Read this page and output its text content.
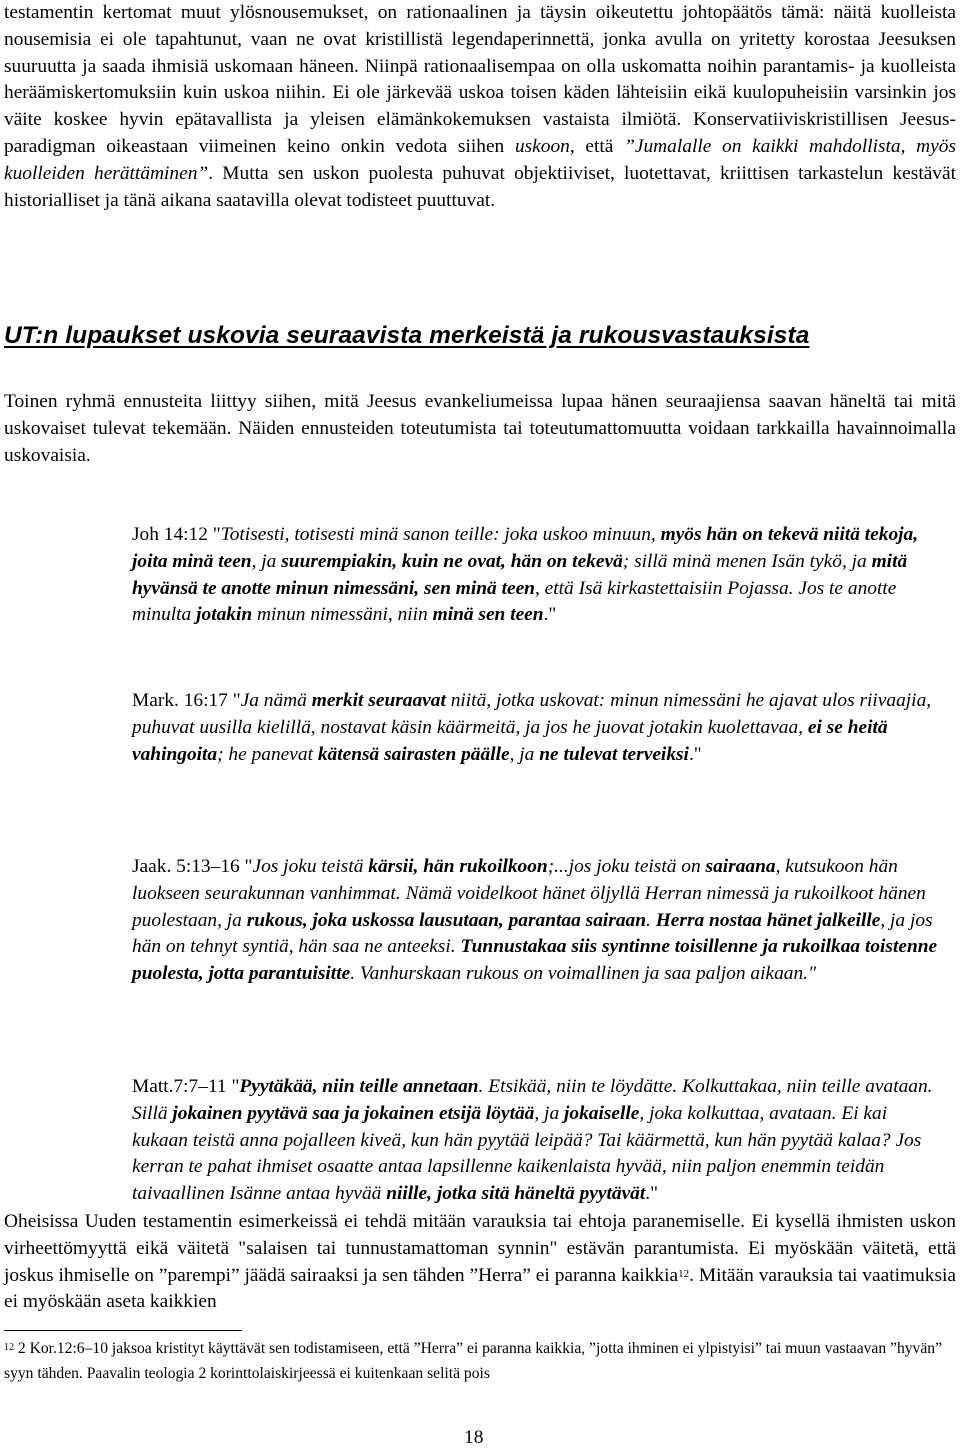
testamentin kertomat muut ylösnousemukset, on rationaalinen ja täysin oikeutettu johtopäätös tämä: näitä kuolleista nousemisia ei ole tapahtunut, vaan ne ovat kristillistä legendaperinnettä, jonka avulla on yritetty korostaa Jeesuksen suuruutta ja saada ihmisiä uskomaan häneen. Niinpä rationaalisempaa on olla uskomatta noihin parantamis- ja kuolleista heräämiskertomuksiin kuin uskoa niihin. Ei ole järkevää uskoa toisen käden lähteisiin eikä kuulopuheisiin varsinkin jos väite koskee hyvin epätavallista ja yleisen elämänkokemuksen vastaista ilmiötä. Konservatiiviskristillisen Jeesus-paradigman oikeastaan viimeinen keino onkin vedota siihen uskoon, että ”Jumalalle on kaikki mahdollista, myös kuolleiden herättäminen”. Mutta sen uskon puolesta puhuvat objektiiviset, luotettavat, kriittisen tarkastelun kestävät historialliset ja tänä aikana saatavilla olevat todisteet puuttuvat.

UT:n lupaukset uskovia seuraavista merkeistä ja rukousvastauksista

Toinen ryhmä ennusteita liittyy siihen, mitä Jeesus evankeliumeissa lupaa hänen seuraajiensa saavan häneltä tai mitä uskovaiset tulevat tekemään. Näiden ennusteiden toteutumista tai toteutumattomuutta voidaan tarkkailla havainnoimalla uskovaisia.

Joh 14:12 "Totisesti, totisesti minä sanon teille: joka uskoo minuun, myös hän on tekevä niitä tekoja, joita minä teen, ja suurempiakin, kuin ne ovat, hän on tekevä; sillä minä menen Isän tykö, ja mitä hyvänsä te anotte minun nimessäni, sen minä teen, että Isä kirkastettaisiin Pojassa. Jos te anotte minulta jotakin minun nimessäni, niin minä sen teen."

Mark. 16:17 "Ja nämä merkit seuraavat niitä, jotka uskovat: minun nimessäni he ajavat ulos riivaajia, puhuvat uusilla kielillä, nostavat käsin käärmeitä, ja jos he juovat jotakin kuolettavaa, ei se heitä vahingoita; he panevat kätensä sairasten päälle, ja ne tulevat terveiksi."

Jaak. 5:13–16 "Jos joku teistä kärsii, hän rukoilkoon;...jos joku teistä on sairaana, kutsukoon hän luokseen seurakunnan vanhimmat. Nämä voidelkoot hänet öljyllä Herran nimessä ja rukoilkoot hänen puolestaan, ja rukous, joka uskossa lausutaan, parantaa sairaan. Herra nostaa hänet jalkeille, ja jos hän on tehnyt syntiä, hän saa ne anteeksi. Tunnustakaa siis syntinne toisillenne ja rukoilkaa toistenne puolesta, jotta parantuisitte. Vanhurskaan rukous on voimallinen ja saa paljon aikaan."

Matt.7:7–11 "Pyytäkää, niin teille annetaan. Etsikää, niin te löydätte. Kolkuttakaa, niin teille avataan. Sillä jokainen pyytävä saa ja jokainen etsijä löytää, ja jokaiselle, joka kolkuttaa, avataan. Ei kai kukaan teistä anna pojalleen kiveä, kun hän pyytää leipää? Tai käärmettä, kun hän pyytää kalaa? Jos kerran te pahat ihmiset osaatte antaa lapsillenne kaikenlaista hyvää, niin paljon enemmin teidän taivaallinen Isänne antaa hyvää niille, jotka sitä häneltä pyytävät."

Oheisissa Uuden testamentin esimerkeissä ei tehdä mitään varauksia tai ehtoja paranemiselle. Ei kysellä ihmisten uskon virheettömyyttä eikä väitetä "salaisen tai tunnustamattoman synnin" estävän parantumista. Ei myöskään väitetä, että joskus ihmiselle on ”parempi” jäädä sairaaksi ja sen tähden ”Herra” ei paranna kaikkia$^{12}$. Mitään varauksia tai vaatimuksia ei myöskään aseta kaikkien

$^{12}$ 2 Kor.12:6–10 jaksoa kristityt käyttävät sen todistamiseen, että ”Herra” ei paranna kaikkia, ”jotta ihminen ei ylpistyisi” tai muun vastaavan ”hyvän” syyn tähden. Paavalin teologia 2 korinttolaiskirjeessä ei kuitenkaan selitä pois

18
